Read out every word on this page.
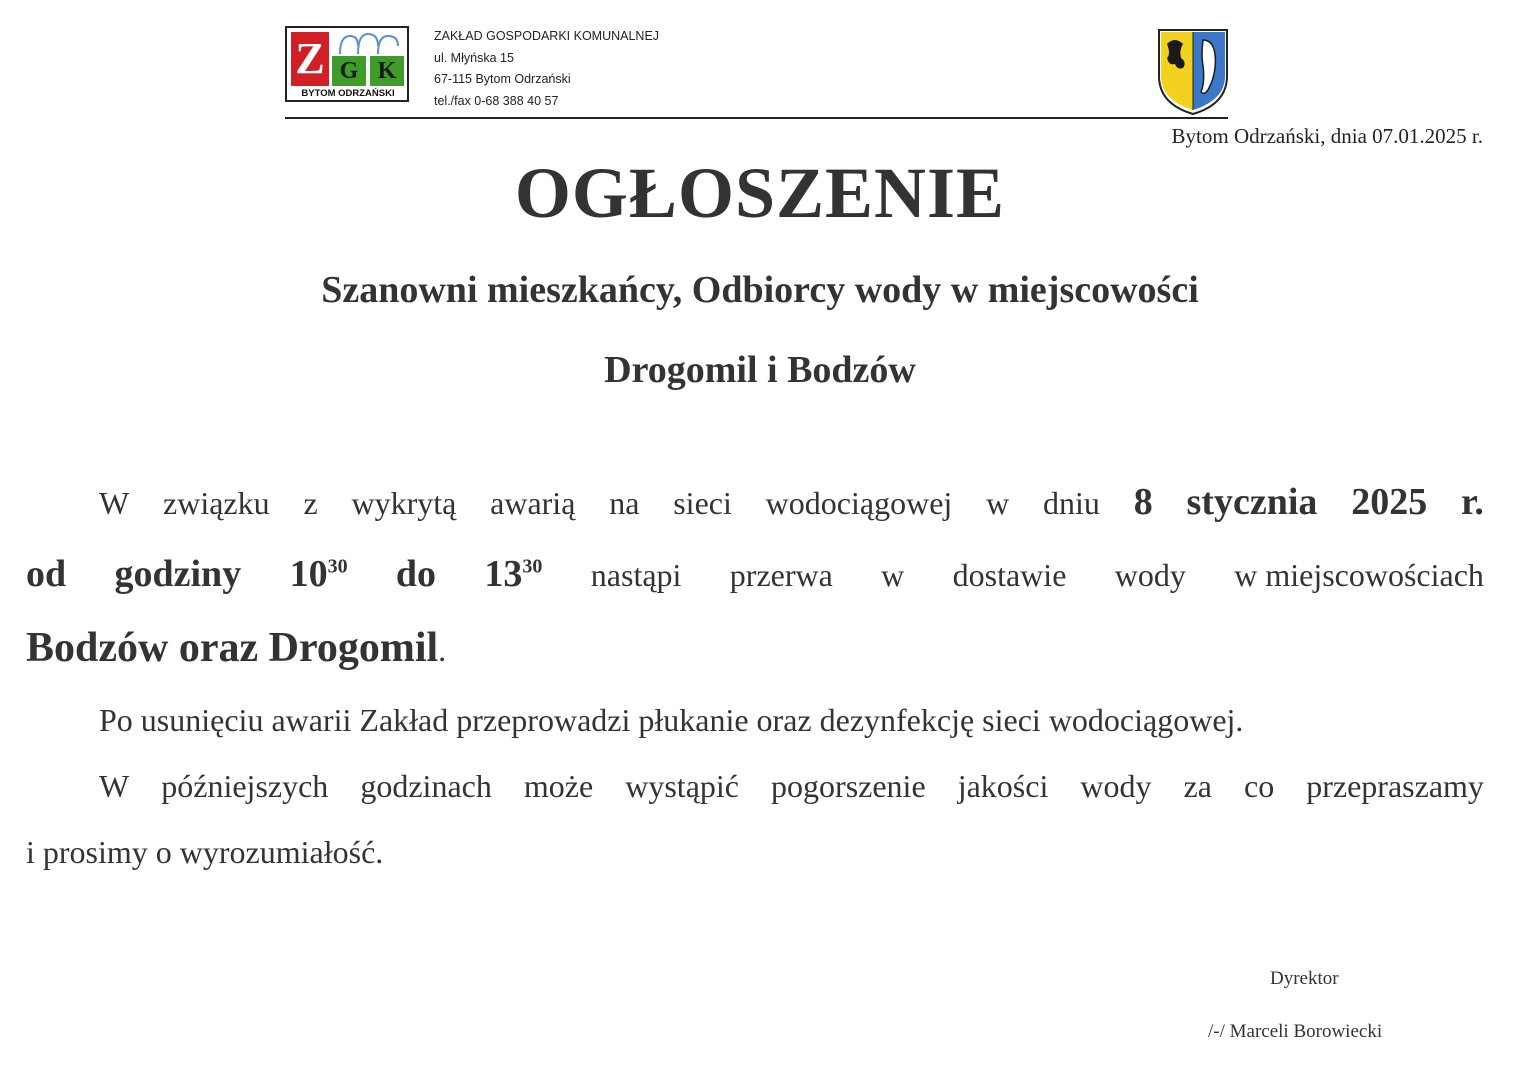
Z G K
BYTOM ODRZAŃSKI
ZAKŁAD GOSPODARKI KOMUNALNEJ
ul. Młyńska 15
67-115 Bytom Odrzański
tel./fax 0-68 388 40 57
Bytom Odrzański, dnia 07.01.2025 r.
OGŁOSZENIE
Szanowni mieszkańcy, Odbiorcy wody w miejscowości
Drogomil i Bodzów
W związku z wykrytą awarią na sieci wodociągowej w dniu 8 stycznia 2025 r.
od godziny $10^{30}$ do $13^{30}$ nastąpi przerwa w dostawie wody w miejscowościach
Bodzów oraz Drogomil.
Po usunięciu awarii Zakład przeprowadzi płukanie oraz dezynfekcję sieci wodociągowej.
W późniejszych godzinach może wystąpić pogorszenie jakości wody za co przepraszamy
i prosimy o wyrozumiałość.
Dyrektor
/-/ Marceli Borowiecki
